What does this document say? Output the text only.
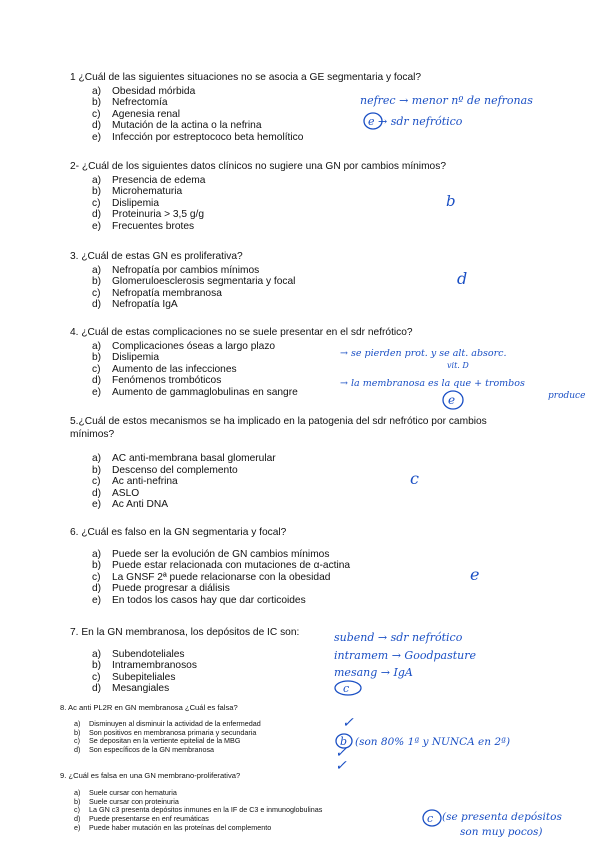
1 ¿Cuál de las siguientes situaciones no se asocia a GE segmentaria y focal?

a)	Obesidad mórbida
b)	Nefrectomía
c)	Agenesia renal
d)	Mutación de la actina o la nefrina
e)	Infección por estreptococo beta hemolítico

2- ¿Cuál de los siguientes datos clínicos no sugiere una GN por cambios mínimos?

a)	Presencia de edema
b)	Microhematuria
c)	Dislipemia
d)	Proteinuria > 3,5 g/g
e)	Frecuentes brotes

3. ¿Cuál de estas GN es proliferativa?

a)	Nefropatía por cambios mínimos
b)	Glomeruloesclerosis segmentaria y focal
c)	Nefropatía membranosa
d)	Nefropatía IgA

4. ¿Cuál de estas complicaciones no se suele presentar en el sdr nefrótico?

a)	Complicaciones óseas a largo plazo
b)	Dislipemia
c)	Aumento de las infecciones
d)	Fenómenos trombóticos
e)	Aumento de gammaglobulinas en sangre

5.¿Cuál de estos mecanismos se ha implicado en la patogenia del sdr nefrótico por cambios
mínimos?

a)	AC anti-membrana basal glomerular
b)	Descenso del complemento
c)	Ac anti-nefrina
d)	ASLO
e)	Ac Anti DNA

6. ¿Cuál es falso en la GN segmentaria y focal?

a)	Puede ser la evolución de GN cambios mínimos
b)	Puede estar relacionada con mutaciones de α-actina
c)	La GNSF 2ª puede relacionarse con la obesidad
d)	Puede progresar a diálisis
e)	En todos los casos hay que dar corticoides

7. En la GN membranosa, los depósitos de IC son:

a)	Subendoteliales
b)	Intramembranosos
c)	Subepiteliales
d)	Mesangiales

8. Ac anti PL2R en GN membranosa ¿Cuál es falsa?

a)	Disminuyen al disminuir la actividad de la enfermedad
b)	Son positivos en membranosa primaria y secundaria
c)	Se depositan en la vertiente epitelial de la MBG
d)	Son específicos de la GN membranosa

9. ¿Cuál es falsa en una GN membrano-proliferativa?

a)	Suele cursar con hematuria
b)	Suele cursar con proteinuria
c)	La GN c3 presenta depósitos inmunes en la IF de C3 e inmunoglobulinas
d)	Puede presentarse en enf reumáticas
e)	Puede haber mutación en las proteínas del complemento
nefrec → menor nº de nefronas
e → sdr nefrótico
b
d
→ se pierden prot. y se alt. absorc.
vit. D
→ la membranosa es la que + trombos
produce
e
c
e
subend → sdr nefrótico
intramem → Goodpasture
mesang → IgA
c
✓
b (son 80% 1ª y NUNCA en 2ª)
✓
✓
c (se presenta depósitos
son muy pocos)
